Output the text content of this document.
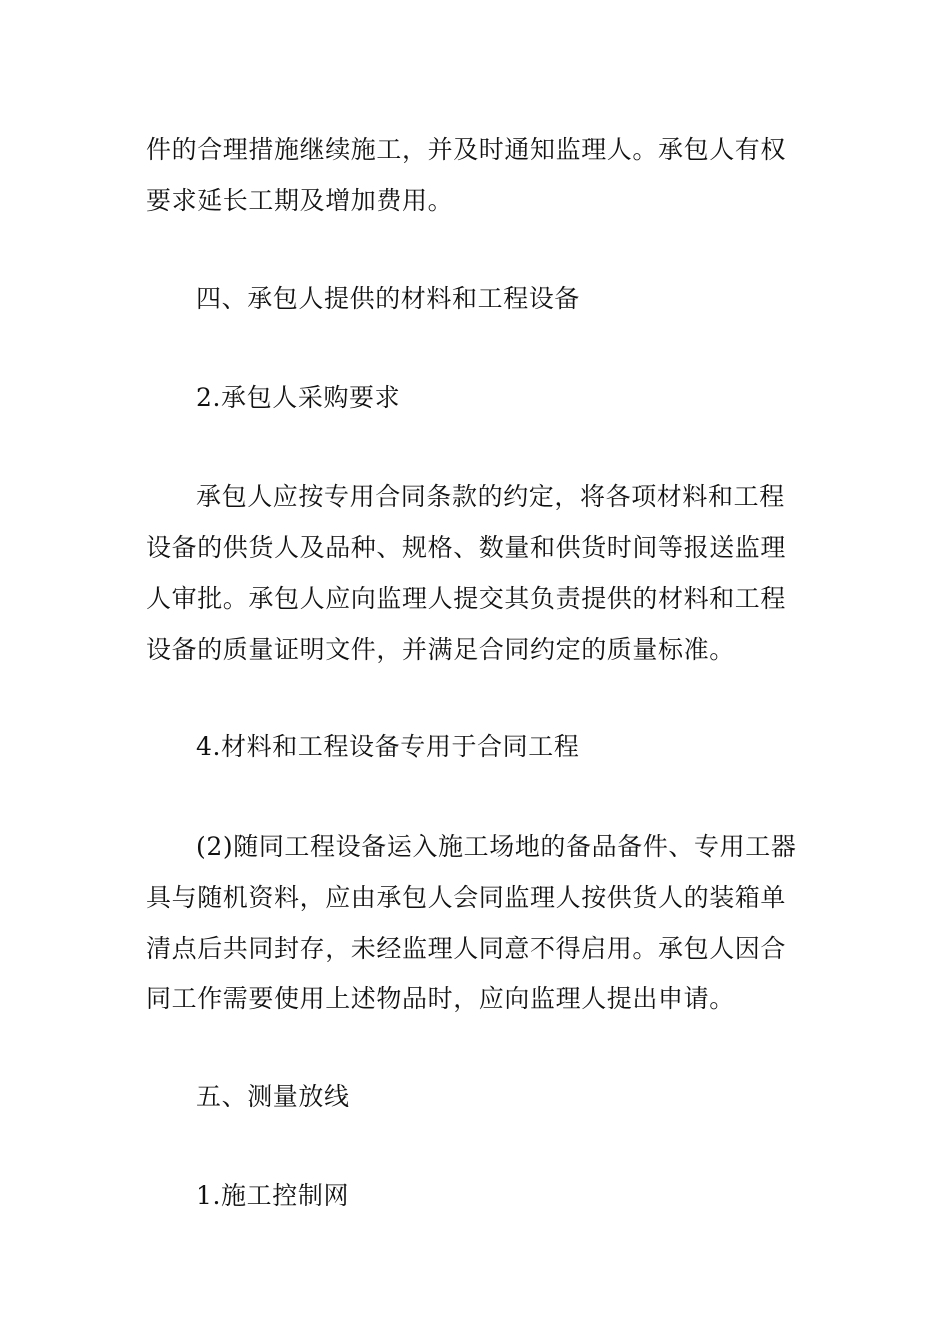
件的合理措施继续施工，并及时通知监理人。承包人有权
要求延长工期及增加费用。
四、承包人提供的材料和工程设备
2.承包人采购要求
承包人应按专用合同条款的约定，将各项材料和工程
设备的供货人及品种、规格、数量和供货时间等报送监理
人审批。承包人应向监理人提交其负责提供的材料和工程
设备的质量证明文件，并满足合同约定的质量标准。
4.材料和工程设备专用于合同工程
(2)随同工程设备运入施工场地的备品备件、专用工器
具与随机资料，应由承包人会同监理人按供货人的装箱单
清点后共同封存，未经监理人同意不得启用。承包人因合
同工作需要使用上述物品时，应向监理人提出申请。
五、测量放线
1.施工控制网
